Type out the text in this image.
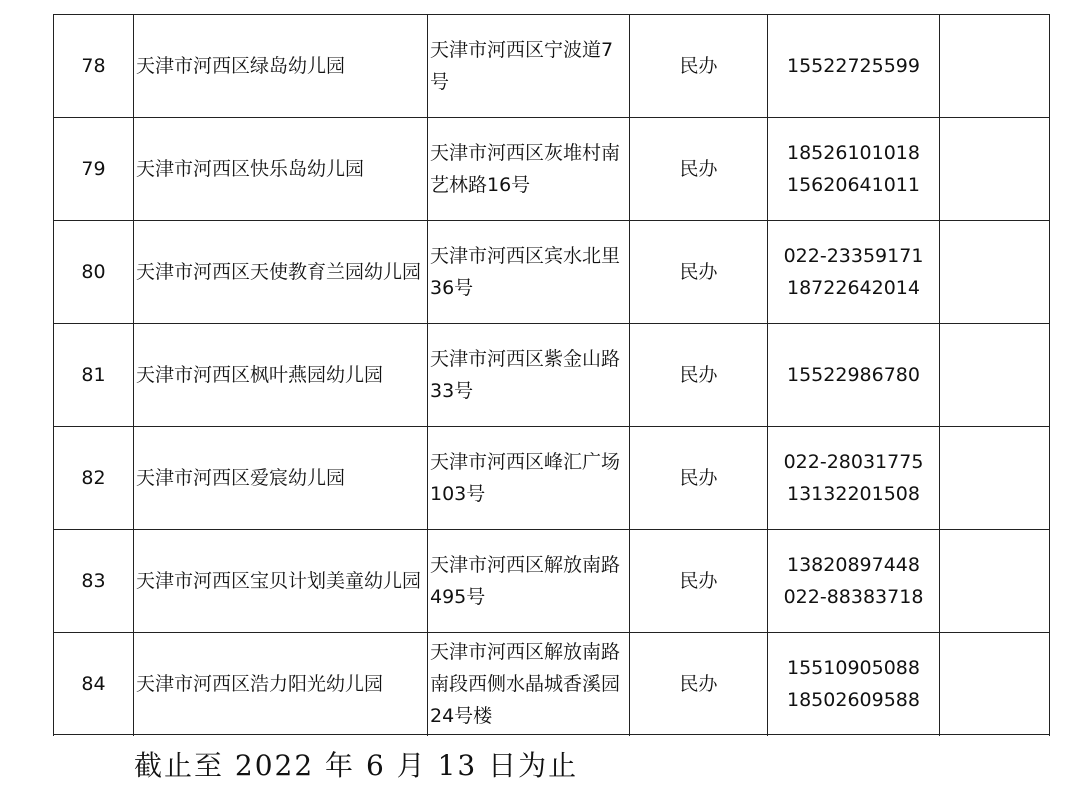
78	天津市河西区绿岛幼儿园	天津市河西区宁波道7号	民办	15522725599	

79	天津市河西区快乐岛幼儿园	天津市河西区灰堆村南艺林路16号	民办	18526101018
15620641011	

80	天津市河西区天使教育兰园幼儿园	天津市河西区宾水北里36号	民办	022-23359171
18722642014	

81	天津市河西区枫叶燕园幼儿园	天津市河西区紫金山路33号	民办	15522986780	

82	天津市河西区爱宸幼儿园	天津市河西区峰汇广场103号	民办	022-28031775
13132201508	

83	天津市河西区宝贝计划美童幼儿园	天津市河西区解放南路495号	民办	13820897448
022-88383718	

84	天津市河西区浩力阳光幼儿园	天津市河西区解放南路南段西侧水晶城香溪园24号楼	民办	15510905088
18502609588	

截止至 2022 年 6 月 13 日为止
